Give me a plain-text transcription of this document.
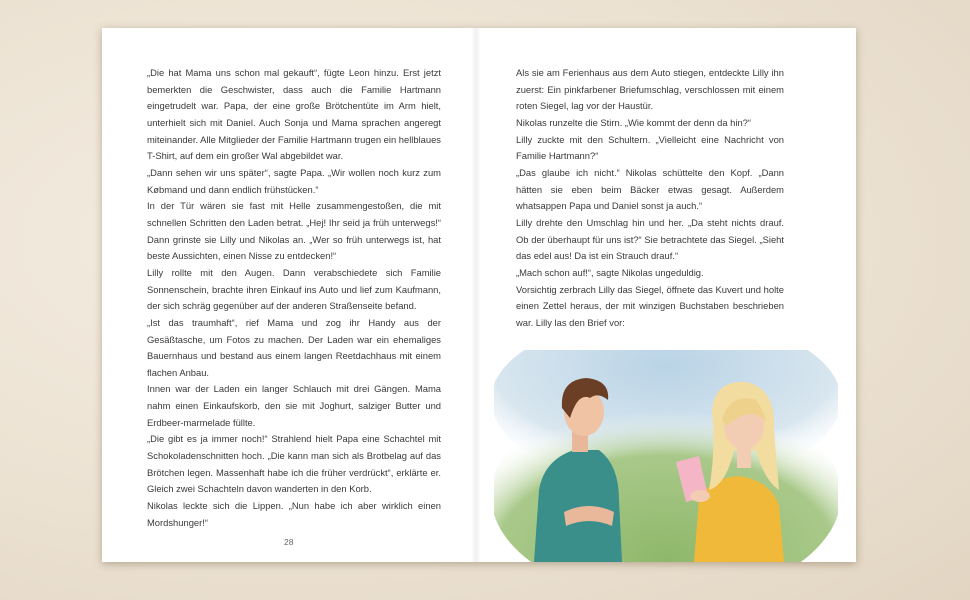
„Die hat Mama uns schon mal gekauft“, fügte Leon hinzu. Erst jetzt bemerkten die Geschwister, dass auch die Familie Hartmann eingetrudelt war. Papa, der eine große Brötchentüte im Arm hielt, unterhielt sich mit Daniel. Auch Sonja und Mama sprachen angeregt miteinander. Alle Mitglieder der Familie Hartmann trugen ein hellblaues T-Shirt, auf dem ein großer Wal abgebildet war.

„Dann sehen wir uns später“, sagte Papa. „Wir wollen noch kurz zum Købmand und dann endlich frühstücken.“

In der Tür wären sie fast mit Helle zusammengestoßen, die mit schnellen Schritten den Laden betrat. „Hej! Ihr seid ja früh unterwegs!“ Dann grinste sie Lilly und Nikolas an. „Wer so früh unterwegs ist, hat beste Aussichten, einen Nisse zu entdecken!“

Lilly rollte mit den Augen. Dann verabschiedete sich Familie Sonnenschein, brachte ihren Einkauf ins Auto und lief zum Kaufmann, der sich schräg gegenüber auf der anderen Straßenseite befand.

„Ist das traumhaft“, rief Mama und zog ihr Handy aus der Gesäßtasche, um Fotos zu machen. Der Laden war ein ehemaliges Bauernhaus und bestand aus einem langen Reetdachhaus mit einem flachen Anbau.

Innen war der Laden ein langer Schlauch mit drei Gängen. Mama nahm einen Einkaufskorb, den sie mit Joghurt, salziger Butter und Erdbeer-marmelade füllte.

„Die gibt es ja immer noch!“ Strahlend hielt Papa eine Schachtel mit Schokoladenschnitten hoch. „Die kann man sich als Brotbelag auf das Brötchen legen. Massenhaft habe ich die früher verdrückt“, erklärte er. Gleich zwei Schachteln davon wanderten in den Korb.

Nikolas leckte sich die Lippen. „Nun habe ich aber wirklich einen Mordshunger!“

28

Als sie am Ferienhaus aus dem Auto stiegen, entdeckte Lilly ihn zuerst: Ein pinkfarbener Briefumschlag, verschlossen mit einem roten Siegel, lag vor der Haustür.

Nikolas runzelte die Stirn. „Wie kommt der denn da hin?“

Lilly zuckte mit den Schultern. „Vielleicht eine Nachricht von Familie Hartmann?“

„Das glaube ich nicht.“ Nikolas schüttelte den Kopf. „Dann hätten sie eben beim Bäcker etwas gesagt. Außerdem whatsappen Papa und Daniel sonst ja auch.“

Lilly drehte den Umschlag hin und her. „Da steht nichts drauf. Ob der überhaupt für uns ist?“ Sie betrachtete das Siegel. „Sieht das edel aus! Da ist ein Strauch drauf.“

„Mach schon auf!“, sagte Nikolas ungeduldig.

Vorsichtig zerbrach Lilly das Siegel, öffnete das Kuvert und holte einen Zettel heraus, der mit winzigen Buchstaben beschrieben war. Lilly las den Brief vor:
